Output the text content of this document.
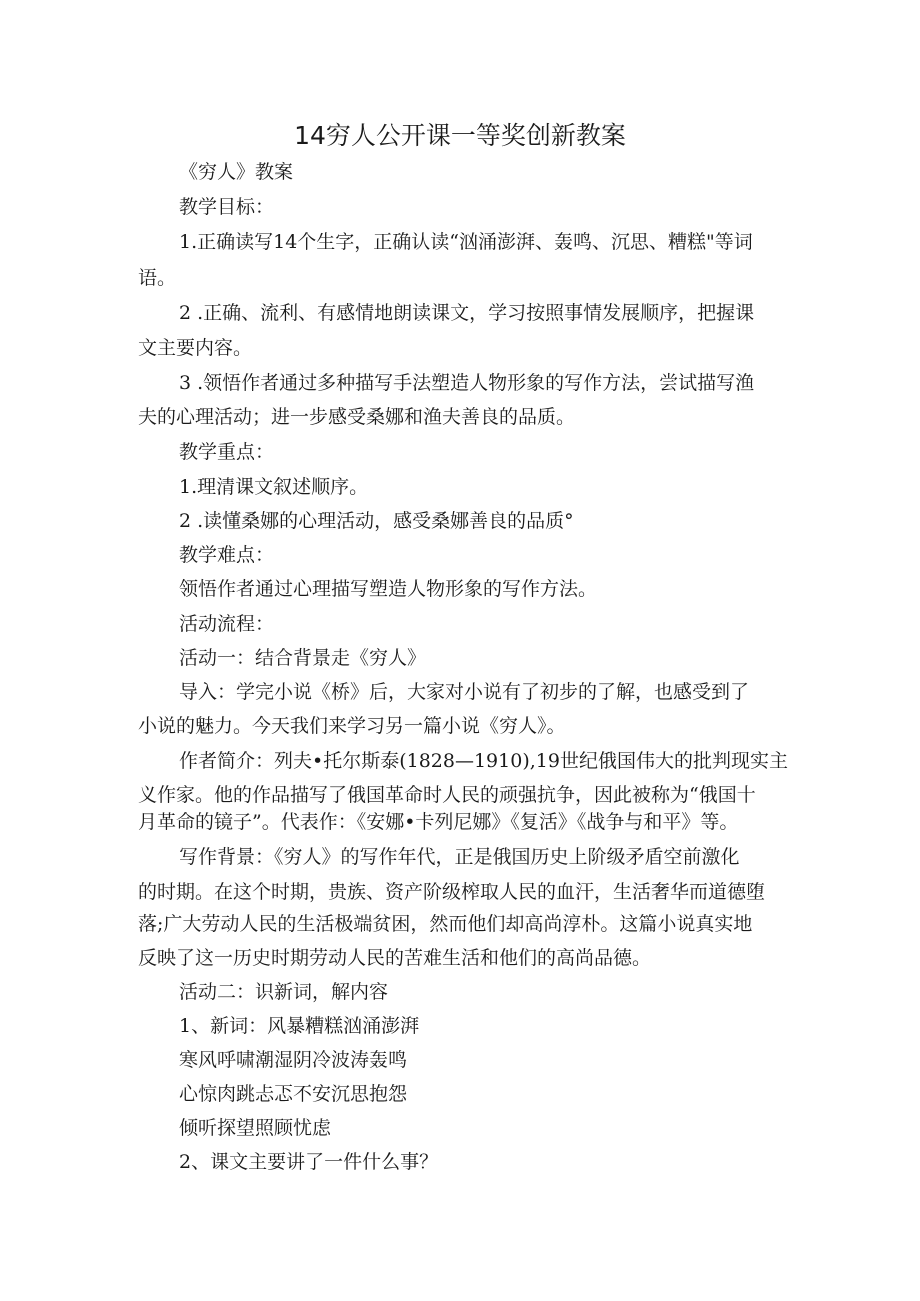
14穷人公开课一等奖创新教案

《穷人》教案

教学目标：

1.正确读写14个生字，正确认读“汹涌澎湃、轰鸣、沉思、糟糕"等词

语。

2 .正确、流利、有感情地朗读课文，学习按照事情发展顺序，把握课

文主要内容。

3 .领悟作者通过多种描写手法塑造人物形象的写作方法，尝试描写渔

夫的心理活动；进一步感受桑娜和渔夫善良的品质。

教学重点：

1.理清课文叙述顺序。

2 .读懂桑娜的心理活动，感受桑娜善良的品质°

教学难点：

领悟作者通过心理描写塑造人物形象的写作方法。

活动流程：

活动一：结合背景走《穷人》

导入：学完小说《桥》后，大家对小说有了初步的了解，也感受到了

小说的魅力。今天我们来学习另一篇小说《穷人》。

作者简介：列夫•托尔斯泰(1828—1910),19世纪俄国伟大的批判现实主

义作家。他的作品描写了俄国革命时人民的顽强抗争，因此被称为“俄国十

月革命的镜子”。代表作：《安娜•卡列尼娜》《复活》《战争与和平》等。

写作背景：《穷人》的写作年代，正是俄国历史上阶级矛盾空前激化

的时期。在这个时期，贵族、资产阶级榨取人民的血汗，生活奢华而道德堕

落;广大劳动人民的生活极端贫困，然而他们却高尚淳朴。这篇小说真实地

反映了这一历史时期劳动人民的苦难生活和他们的高尚品德。

活动二：识新词，解内容

1、新词：风暴糟糕汹涌澎湃

寒风呼啸潮湿阴冷波涛轰鸣

心惊肉跳忐忑不安沉思抱怨

倾听探望照顾忧虑

2、课文主要讲了一件什么事？
